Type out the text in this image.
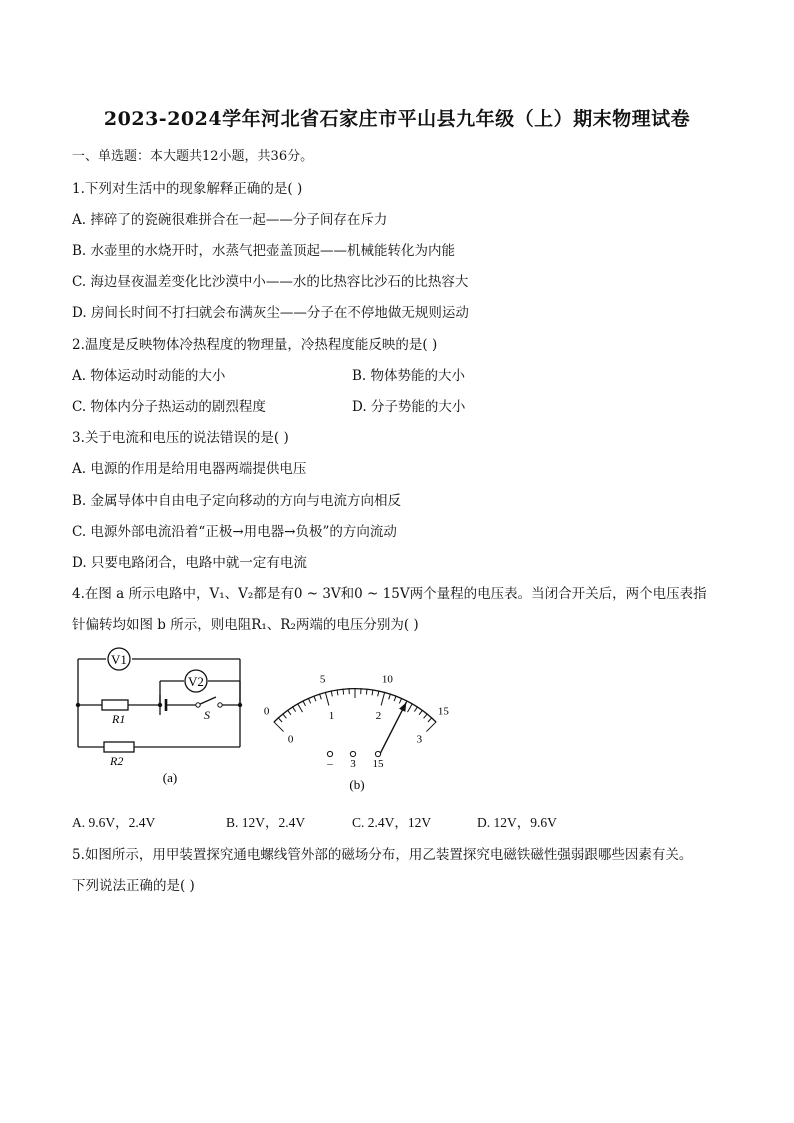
2023-2024学年河北省石家庄市平山县九年级（上）期末物理试卷
一、单选题：本大题共12小题，共36分。
1.下列对生活中的现象解释正确的是( )
A. 摔碎了的瓷碗很难拼合在一起——分子间存在斥力
B. 水壶里的水烧开时，水蒸气把壶盖顶起——机械能转化为内能
C. 海边昼夜温差变化比沙漠中小——水的比热容比沙石的比热容大
D. 房间长时间不打扫就会布满灰尘——分子在不停地做无规则运动
2.温度是反映物体冷热程度的物理量，冷热程度能反映的是( )
A. 物体运动时动能的大小	B. 物体势能的大小
C. 物体内分子热运动的剧烈程度	D. 分子势能的大小
3.关于电流和电压的说法错误的是( )
A. 电源的作用是给用电器两端提供电压
B. 金属导体中自由电子定向移动的方向与电流方向相反
C. 电源外部电流沿着“正极→用电器→负极”的方向流动
D. 只要电路闭合，电路中就一定有电流
4.在图 a 所示电路中，V₁、V₂都是有0 ~ 3V和0 ~ 15V两个量程的电压表。当闭合开关后，两个电压表指
针偏转均如图 b 所示，则电阻R₁、R₂两端的电压分别为( )
V1
V2
R1
R2
S
(a)
0
5	10
15
0
1	2
3
– 3 15
(b)
A. 9.6V，2.4V	B. 12V，2.4V	C. 2.4V，12V	D. 12V，9.6V
5.如图所示，用甲装置探究通电螺线管外部的磁场分布，用乙装置探究电磁铁磁性强弱跟哪些因素有关。
下列说法正确的是( )
